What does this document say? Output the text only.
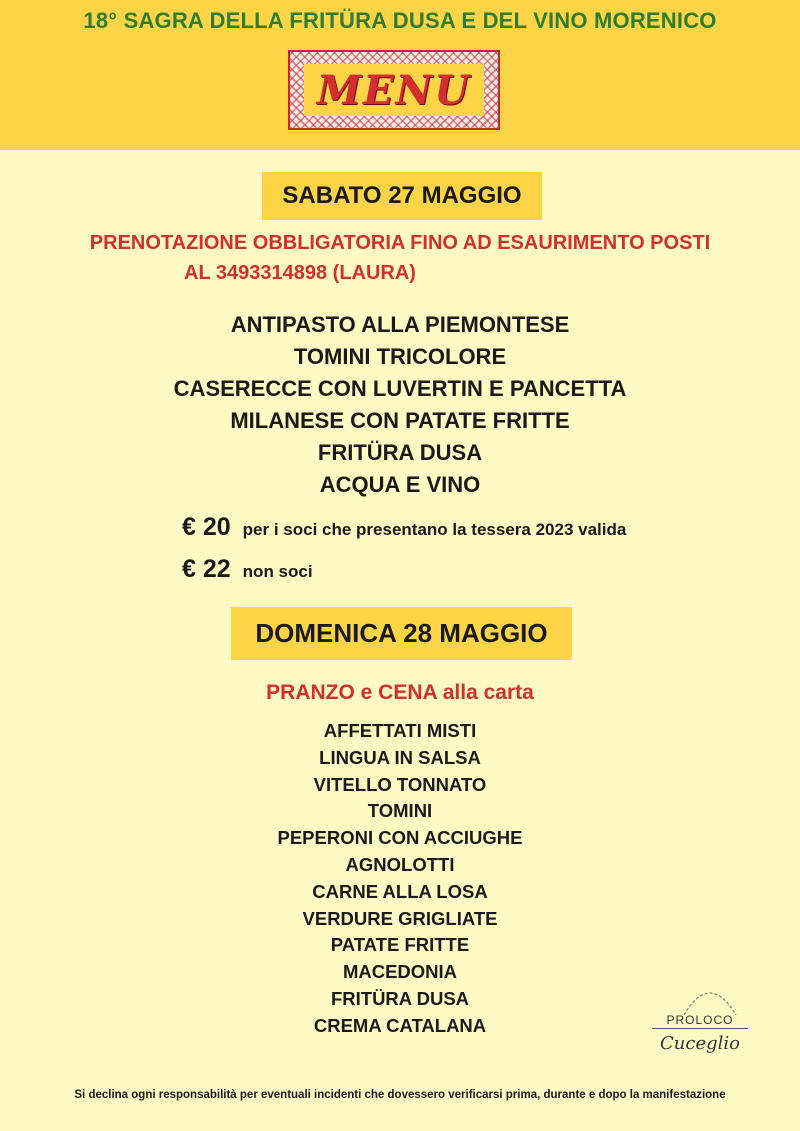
18° SAGRA DELLA FRITÜRA DUSA E DEL VINO MORENICO
MENU
SABATO 27 MAGGIO
PRENOTAZIONE OBBLIGATORIA FINO AD ESAURIMENTO POSTI
AL 3493314898 (LAURA)
ANTIPASTO ALLA PIEMONTESE
TOMINI TRICOLORE
CASERECCE CON LUVERTIN E PANCETTA
MILANESE CON PATATE FRITTE
FRITÜRA DUSA
ACQUA E VINO
€ 20 per i soci che presentano la tessera 2023 valida
€ 22 non soci
DOMENICA 28 MAGGIO
PRANZO e CENA alla carta
AFFETTATI MISTI
LINGUA IN SALSA
VITELLO TONNATO
TOMINI
PEPERONI CON ACCIUGHE
AGNOLOTTI
CARNE ALLA LOSA
VERDURE GRIGLIATE
PATATE FRITTE
MACEDONIA
FRITÜRA DUSA
CREMA CATALANA	PROLOCO
Cuceglio
Si declina ogni responsabilità per eventuali incidenti che dovessero verificarsi prima, durante e dopo la manifestazione
